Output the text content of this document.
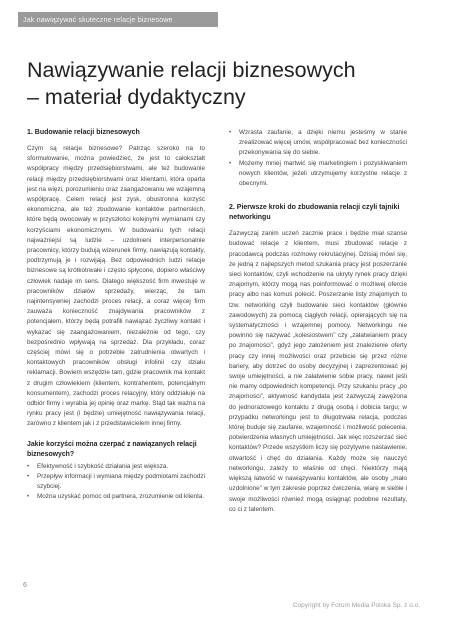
Jak nawiązywać skuteczne relacje biznesowe
Nawiązywanie relacji biznesowych
– materiał dydaktyczny
1. Budowanie relacji biznesowych

Czym są relacje biznesowe? Patrząc szeroko na to sformułowanie, można powiedzieć, że jest to całokształt współpracy między przedsiębiorstwami, ale też budowanie relacji między przedsiębiorstwami oraz klientami, która oparta jest na więzi, porozumieniu oraz zaangażowaniu we wzajemną współpracę. Celem relacji jest zysk, obustronna korzyść ekonomiczna, ale też zbudowanie kontaktów partnerskich, które będą owocowały w przyszłości kolejnymi wymianami czy korzyściami ekonomicznymi. W budowaniu tych relacji najważniejsi są ludzie – uzdolnieni interpersonalnie pracownicy, którzy budują wizerunek firmy, nawiązują kontakty, podtrzymują je i rozwijają. Bez odpowiednich ludzi relacje biznesowe są krótkotrwałe i często spłycone, dopiero właściwy człowiek nadaje im sens. Dlatego większość firm inwestuje w pracowników działów sprzedaży, wierząc, że tam najintensywniej zachodzi proces relacji, a coraz więcej firm zauważa konieczność znajdywania pracowników z potencjałem, którzy będą potrafili nawiązać życzliwy kontakt i wykazać się zaangażowaniem, niezależnie od tego, czy bezpośrednio wpływają na sprzedaż. Dla przykładu, coraz częściej mówi się o potrzebie zatrudnienia otwartych i kontaktowych pracowników obsługi infolinii czy działu reklamacji. Bowiem wszędzie tam, gdzie pracownik ma kontakt z drugim człowiekiem (klientem, kontrahentem, potencjalnym konsumentem), zachodzi proces relacyjny, który oddziałuje na odbiór firmy i wyrabia jej opinię oraz markę. Stąd tak ważna na rynku pracy jest (i będzie) umiejętność nawiązywania relacji, zarówno z klientem jak i z przedstawicielem innej firmy.

Jakie korzyści można czerpać z nawiązanych relacji biznesowych?
• Efektywność i szybkość działania jest większa.
• Przepływ informacji i wymiana między podmiotami zachodzi szybciej.
• Można uzyskać pomoc od partnera, zrozumienie od klienta.
• Wzrasta zaufanie, a dzięki niemu jesteśmy w stanie zrealizować więcej umów, współpracować bez konieczności przekonywania się do siebie.
• Możemy mniej martwić się marketingiem i pozyskiwaniem nowych klientów, jeżeli utrzymujemy korzystne relacje z obecnymi.
2. Pierwsze kroki do zbudowania relacji czyli tajniki networkingu

Zazwyczaj zanim uczeń zacznie prace i będzie miał szanse budować relacje z klientem, musi zbudować relacje z pracodawcą podczas rozmowy rekrutacyjnej. Dzisiaj mówi się, że jedną z najlepszych metod szukania pracy jest poszerzanie sieci kontaktów, czyli wchodzenie na ukryty rynek pracy dzięki znajomym, którzy mogą nas poinformować o możliwej ofercie pracy albo nas komuś polecić. Poszerzanie listy znajomych to tzw. networking czyli budowanie sieci kontaktów (głównie zawodowych) za pomocą ciągłych relacji, opierających się na systematyczności i wzajemnej pomocy. Networkingu nie powinno się nazywać „kolesiostwem” czy „załatwianiem pracy po znajomości”, gdyż jego założeniem jest znalezienie oferty pracy czy innej możliwości oraz przebicie się przez różne bariery, aby dotrzeć do osoby decyzyjnej i zaprezentować jej swoje umiejętności, a nie załatwienie sobie pracy, nawet jeśli nie mamy odpowiednich kompetencji. Przy szukaniu pracy „po znajomości”, aktywność kandydata jest zazwyczaj zawężona do jednorazowego kontaktu z drugą osobą i dobicia targu; w przypadku networkingu jest to długotrwała relacja, podczas której buduje się zaufanie, wzajemność i możliwość polecenia, potwierdzenia własnych umiejętności. Jak więc rozszerzać sieć kontaktów? Przede wszystkim liczy się pozytywne nastawienie, otwartość i chęć do działania. Każdy może się nauczyć networkingu, zależy to właśnie od chęci. Niektórzy mają większą łatwość w nawiązywaniu kontaktów, ale osoby „mało uzdolnione” w tym zakresie poprzez ćwiczenia, wiarę w siebie i swoje możliwości również mogą osiągnąć podobne rezultaty, co ci z talentem.

6
Copyright by Forum Media Polska Sp. z o.o.
